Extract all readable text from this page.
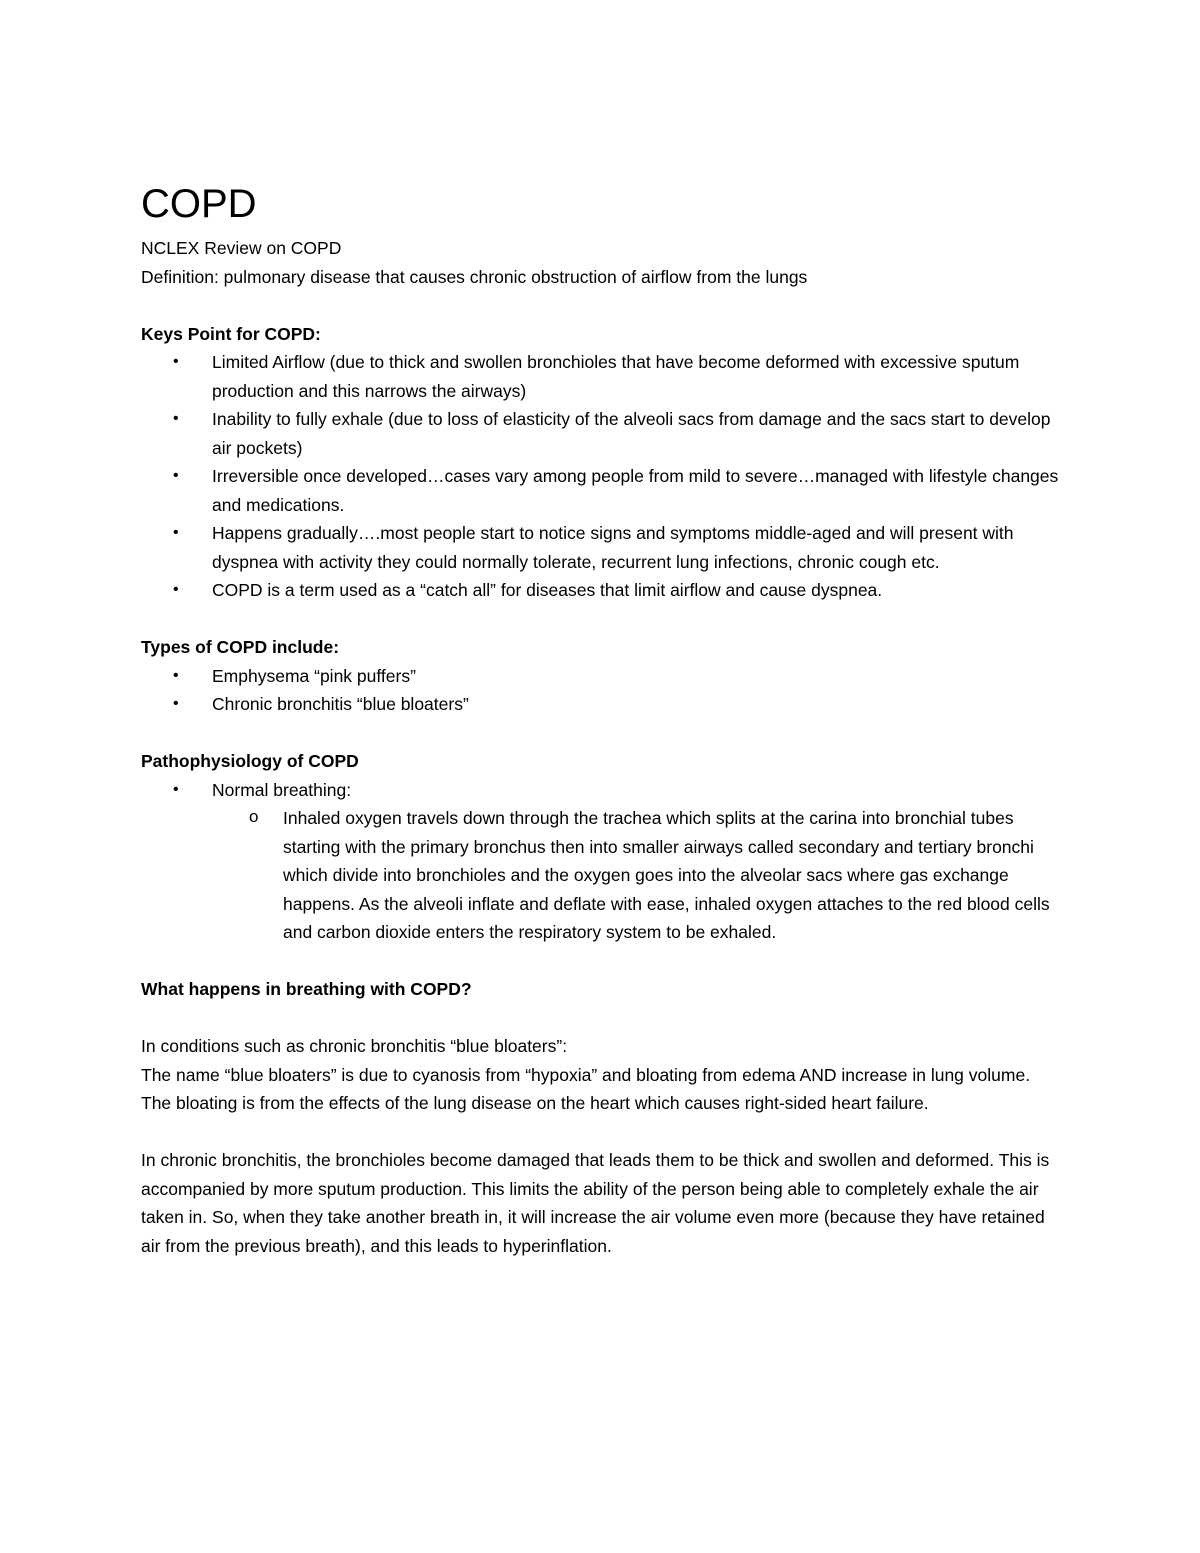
COPD

NCLEX Review on COPD

Definition: pulmonary disease that causes chronic obstruction of airflow from the lungs

Keys Point for COPD:

• Limited Airflow (due to thick and swollen bronchioles that have become deformed with excessive sputum production and this narrows the airways)
• Inability to fully exhale (due to loss of elasticity of the alveoli sacs from damage and the sacs start to develop air pockets)
• Irreversible once developed…cases vary among people from mild to severe…managed with lifestyle changes and medications.
• Happens gradually….most people start to notice signs and symptoms middle-aged and will present with dyspnea with activity they could normally tolerate, recurrent lung infections, chronic cough etc.
• COPD is a term used as a “catch all” for diseases that limit airflow and cause dyspnea.

Types of COPD include:

• Emphysema “pink puffers”
• Chronic bronchitis “blue bloaters”

Pathophysiology of COPD

• Normal breathing:
o Inhaled oxygen travels down through the trachea which splits at the carina into bronchial tubes starting with the primary bronchus then into smaller airways called secondary and tertiary bronchi which divide into bronchioles and the oxygen goes into the alveolar sacs where gas exchange happens. As the alveoli inflate and deflate with ease, inhaled oxygen attaches to the red blood cells and carbon dioxide enters the respiratory system to be exhaled.

What happens in breathing with COPD?

In conditions such as chronic bronchitis “blue bloaters”:

The name “blue bloaters” is due to cyanosis from “hypoxia” and bloating from edema AND increase in lung volume. The bloating is from the effects of the lung disease on the heart which causes right-sided heart failure.

In chronic bronchitis, the bronchioles become damaged that leads them to be thick and swollen and deformed. This is accompanied by more sputum production. This limits the ability of the person being able to completely exhale the air taken in. So, when they take another breath in, it will increase the air volume even more (because they have retained air from the previous breath), and this leads to hyperinflation.
